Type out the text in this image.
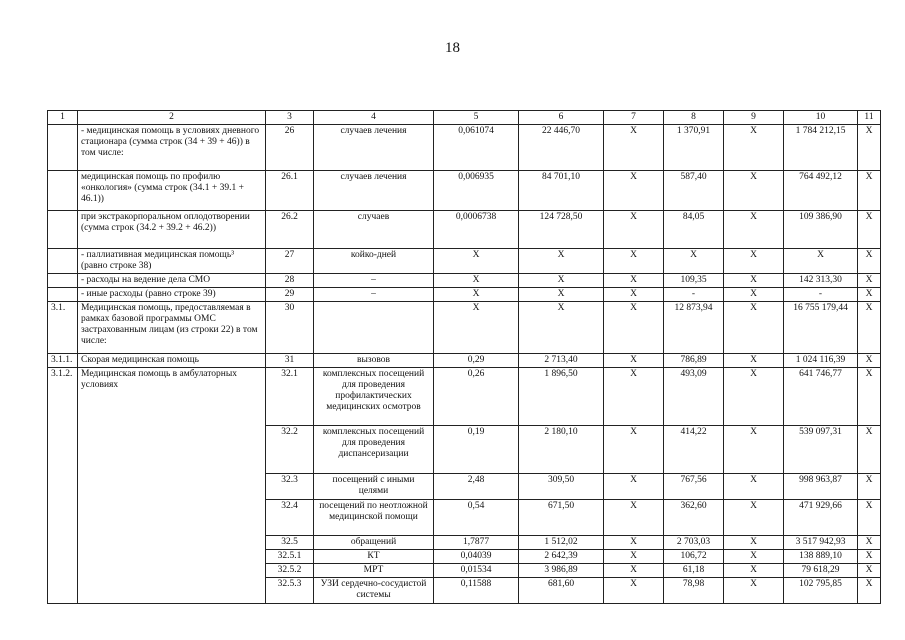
18
1	2	3	4	5	6	7	8	9	10	11
	- медицинская помощь в условиях дневного стационара (сумма строк (34 + 39 + 46)) в том числе:	26	случаев лечения	0,061074	22 446,70	Х	1 370,91	Х	1 784 212,15	Х
	медицинская помощь по профилю «онкология» (сумма строк (34.1 + 39.1 + 46.1))	26.1	случаев лечения	0,006935	84 701,10	Х	587,40	Х	764 492,12	Х
	при экстракорпоральном оплодотворении (сумма строк (34.2 + 39.2 + 46.2))	26.2	случаев	0,0006738	124 728,50	Х	84,05	Х	109 386,90	Х
	- паллиативная медицинская помощь³ (равно строке 38)	27	койко-дней	Х	Х	Х	Х	Х	Х	Х
	- расходы на ведение дела СМО	28	–	Х	Х	Х	109,35	Х	142 313,30	Х
	- иные расходы (равно строке 39)	29	–	Х	Х	Х	-	Х	-	Х
3.1.	Медицинская помощь, предоставляемая в рамках базовой программы ОМС застрахованным лицам (из строки 22) в том числе:	30		Х	Х	Х	12 873,94	Х	16 755 179,44	Х
3.1.1.	Скорая медицинская помощь	31	вызовов	0,29	2 713,40	Х	786,89	Х	1 024 116,39	Х
3.1.2.	Медицинская помощь в амбулаторных условиях	32.1	комплексных посещений для проведения профилактических медицинских осмотров	0,26	1 896,50	Х	493,09	Х	641 746,77	Х
		32.2	комплексных посещений для проведения диспансеризации	0,19	2 180,10	Х	414,22	Х	539 097,31	Х
		32.3	посещений с иными целями	2,48	309,50	Х	767,56	Х	998 963,87	Х
		32.4	посещений по неотложной медицинской помощи	0,54	671,50	Х	362,60	Х	471 929,66	Х
		32.5	обращений	1,7877	1 512,02	Х	2 703,03	Х	3 517 942,93	Х
		32.5.1	КТ	0,04039	2 642,39	Х	106,72	Х	138 889,10	Х
		32.5.2	МРТ	0,01534	3 986,89	Х	61,18	Х	79 618,29	Х
		32.5.3	УЗИ сердечно-сосудистой системы	0,11588	681,60	Х	78,98	Х	102 795,85	Х
